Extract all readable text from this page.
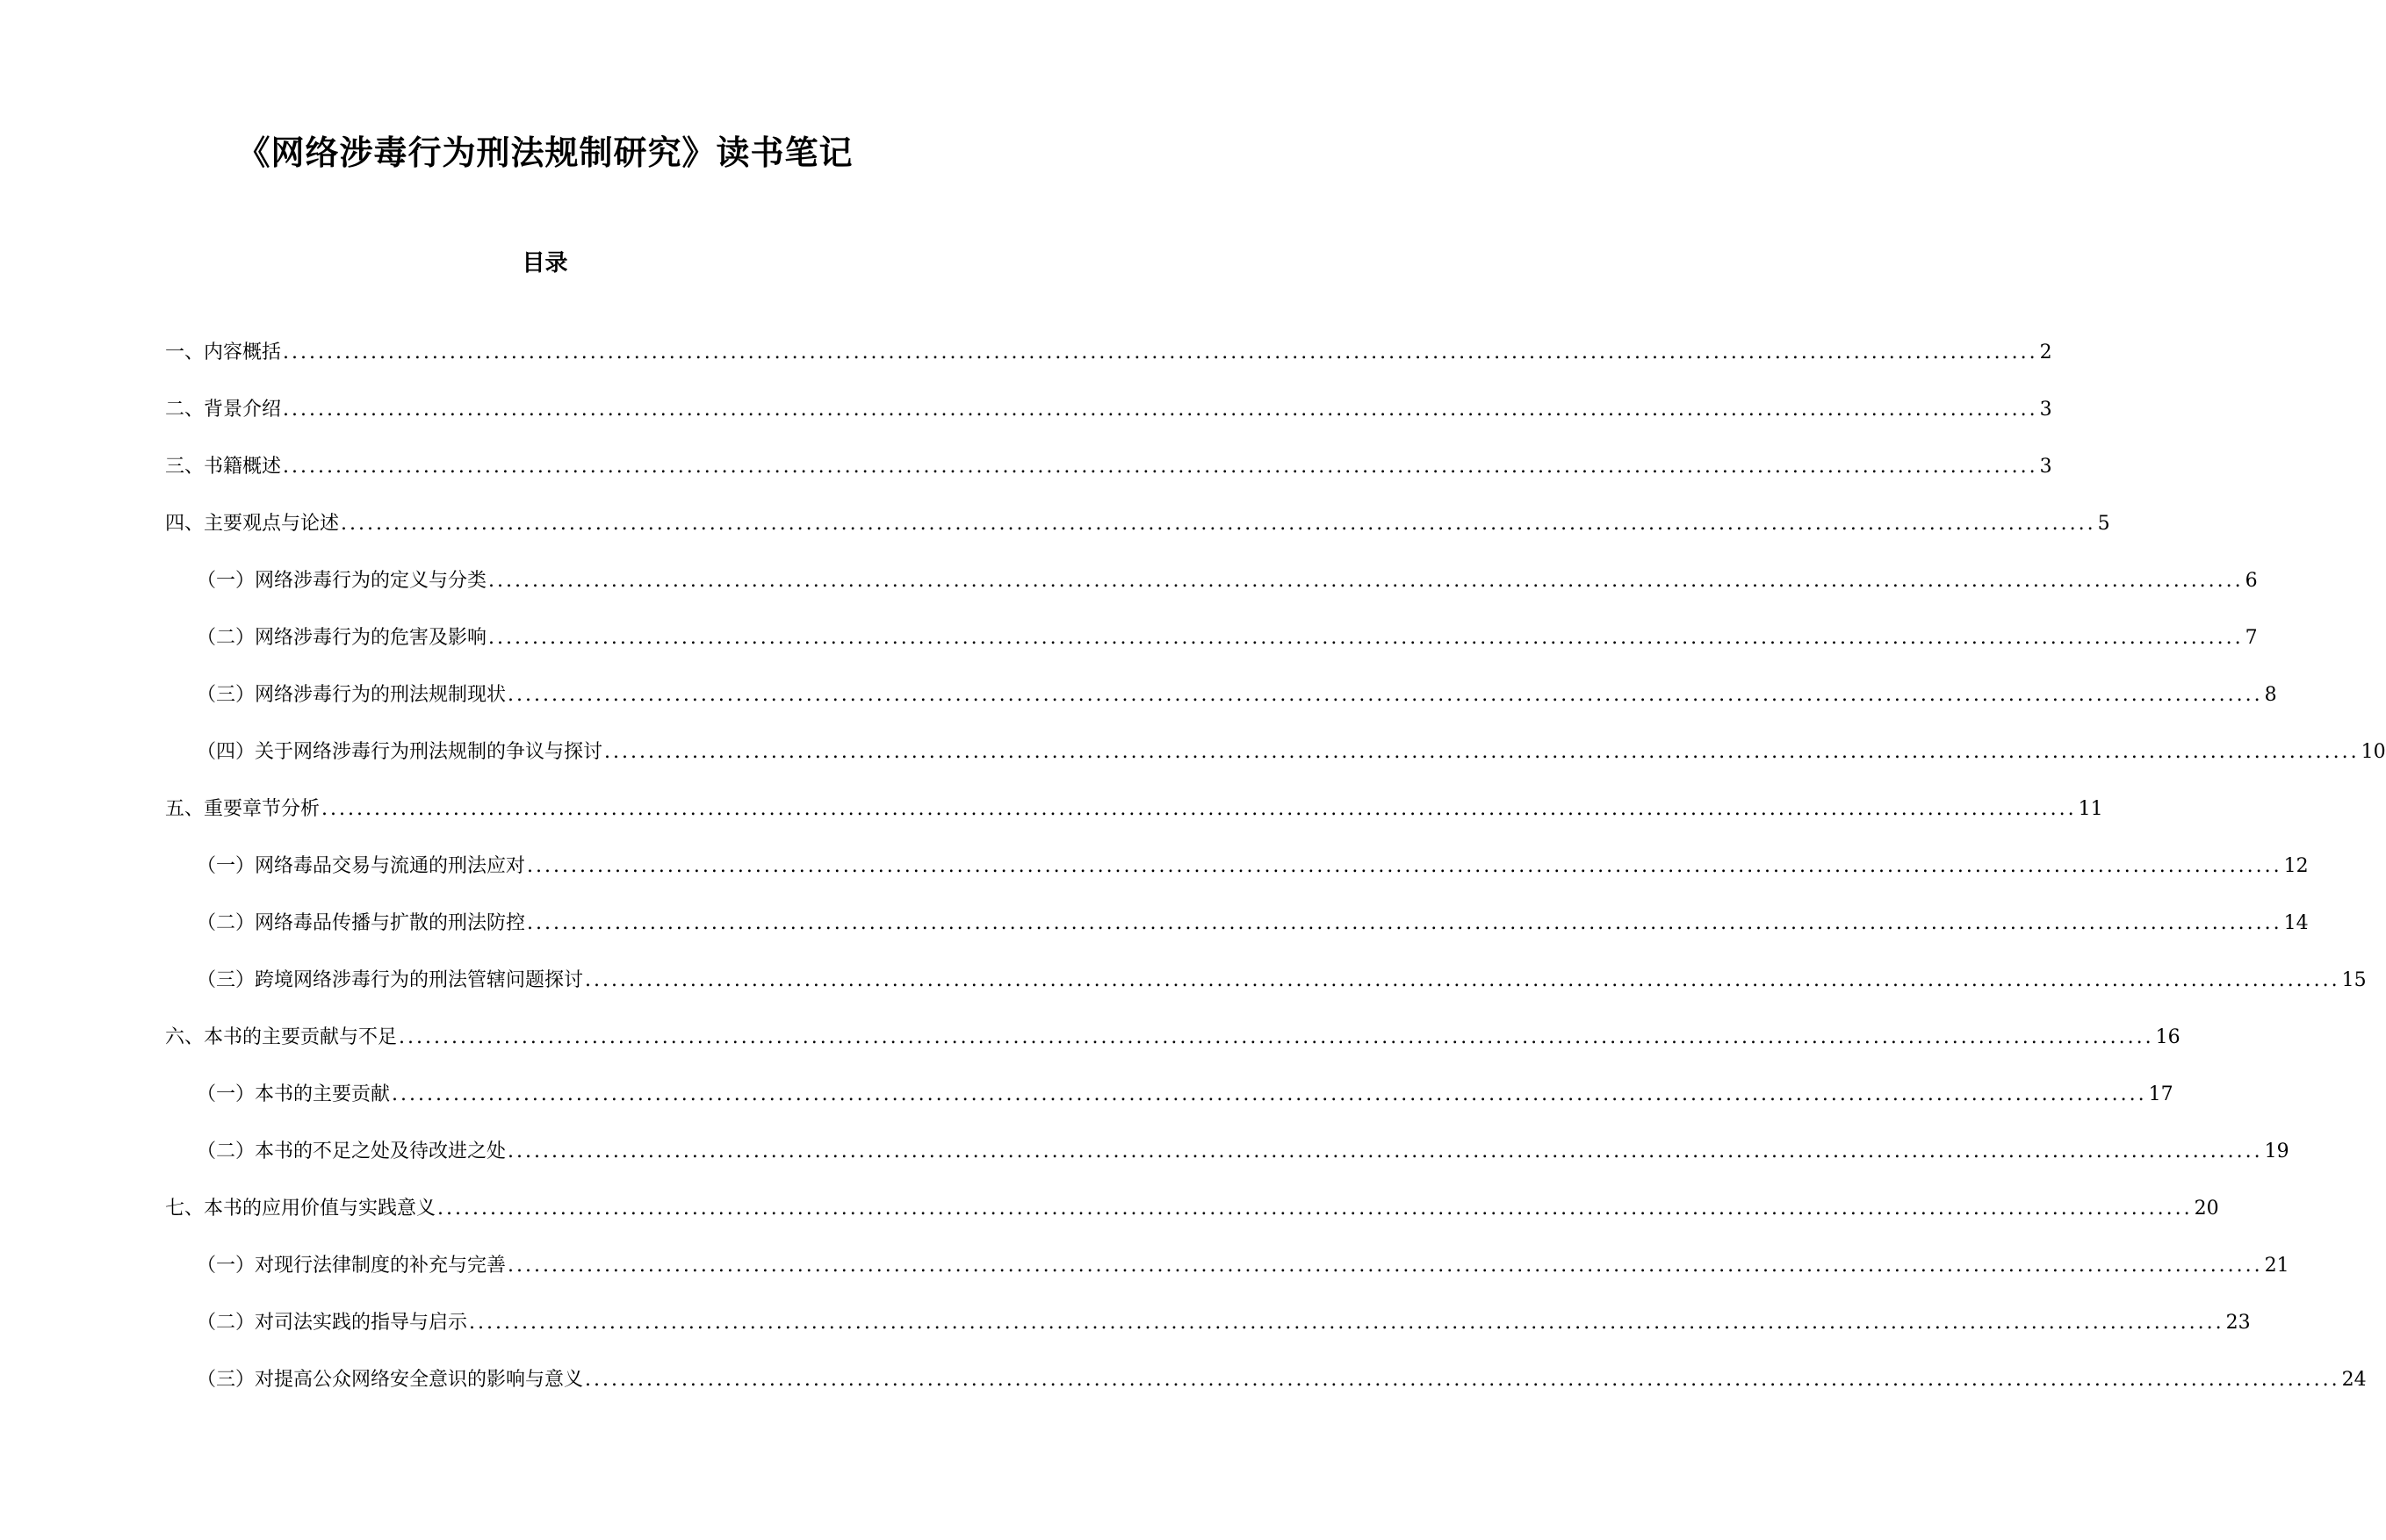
《网络涉毒行为刑法规制研究》读书笔记
目录
一、内容概括 ........................................................................................................................................................................................................ 2
二、背景介绍 ........................................................................................................................................................................................................ 3
三、书籍概述 ........................................................................................................................................................................................................ 3
四、主要观点与论述 ........................................................................................................................................................................................................ 5
（一）网络涉毒行为的定义与分类 ........................................................................................................................................................................................................ 6
（二）网络涉毒行为的危害及影响 ........................................................................................................................................................................................................ 7
（三）网络涉毒行为的刑法规制现状 ........................................................................................................................................................................................................ 8
（四）关于网络涉毒行为刑法规制的争议与探讨 ........................................................................................................................................................................................................ 10
五、重要章节分析 ........................................................................................................................................................................................................ 11
（一）网络毒品交易与流通的刑法应对 ........................................................................................................................................................................................................ 12
（二）网络毒品传播与扩散的刑法防控 ........................................................................................................................................................................................................ 14
（三）跨境网络涉毒行为的刑法管辖问题探讨 ........................................................................................................................................................................................................ 15
六、本书的主要贡献与不足 ........................................................................................................................................................................................................ 16
（一）本书的主要贡献 ........................................................................................................................................................................................................ 17
（二）本书的不足之处及待改进之处 ........................................................................................................................................................................................................ 19
七、本书的应用价值与实践意义 ........................................................................................................................................................................................................ 20
（一）对现行法律制度的补充与完善 ........................................................................................................................................................................................................ 21
（二）对司法实践的指导与启示 ........................................................................................................................................................................................................ 23
（三）对提高公众网络安全意识的影响与意义 ........................................................................................................................................................................................................ 24
